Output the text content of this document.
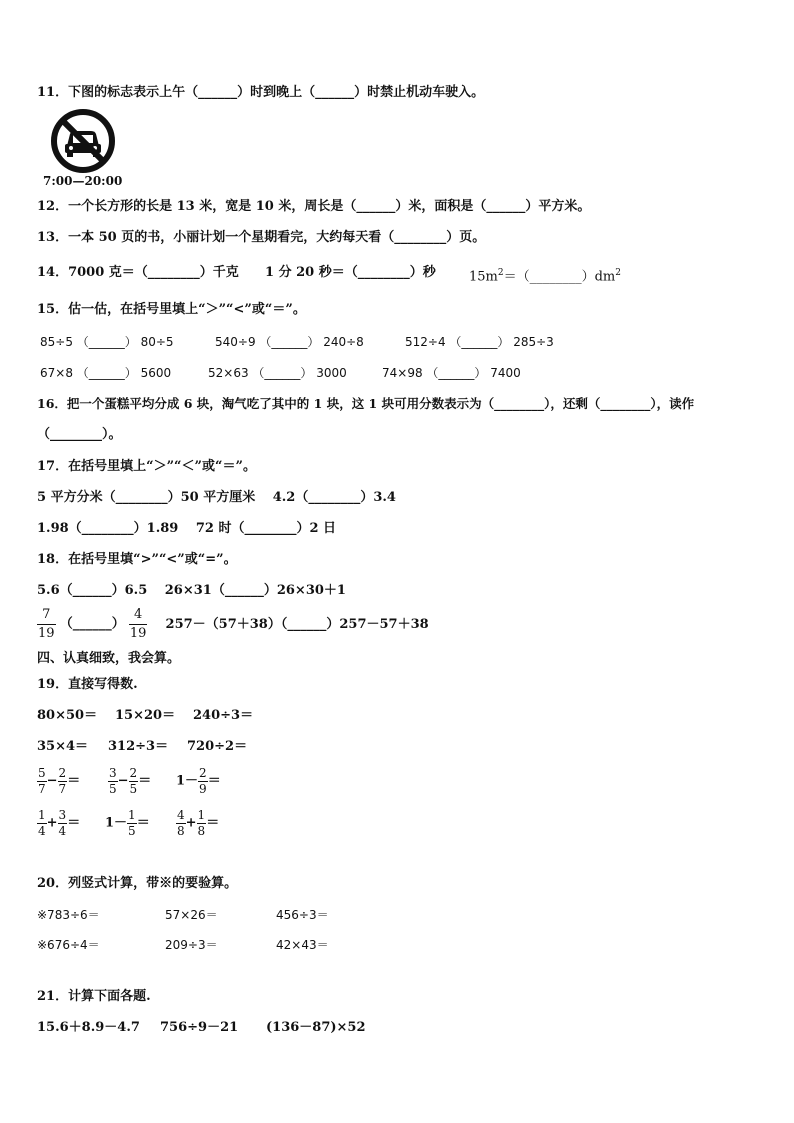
11．下图的标志表示上午（______）时到晚上（______）时禁止机动车驶入。
7:00—20:00
12．一个长方形的长是 13 米，宽是 10 米，周长是（______）米，面积是（______）平方米。
13．一本 50 页的书，小丽计划一个星期看完，大约每天看（________）页。
14．7000 克＝（________）千克 1 分 20 秒＝（________）秒	$15m^2=(\_\_\_\_\_\_\_\_)dm^2$
15．估一估，在括号里填上“＞”“<”或“＝”。
85÷5 （______） 80÷5	540÷9 （______） 240÷8	512÷4 （______） 285÷3
67×8 （______） 5600	52×63 （______） 3000	74×98 （______） 7400
16．把一个蛋糕平均分成 6 块，淘气吃了其中的 1 块，这 1 块可用分数表示为（________），还剩（________），读作
（________）。
17．在括号里填上“＞”“＜”或“＝”。
5 平方分米（________）50 平方厘米　 4.2（________）3.4
1.98（________）1.89　 72 时（________）2 日
18．在括号里填“>”“<”或“=”。
5.6（______）6.5　 26×31（______）26×30＋1
$\frac{7}{19}$ （______） $\frac{4}{19}$ 257－（57＋38）（______）257－57＋38
四、认真细致，我会算。
19．直接写得数.
80×50＝ 15×20＝ 240÷3＝
35×4＝ 312÷3＝ 720÷2＝
$\frac{5}{7} - \frac{2}{7} = \frac{3}{5} - \frac{2}{5} = 1- \frac{2}{9}$ ＝
$\frac{1}{4} + \frac{3}{4} = 1- \frac{1}{5} = \frac{4}{8} + \frac{1}{8}$ ＝
20．列竖式计算，带※的要验算。
※783÷6＝	57×26＝	456÷3＝
※676÷4＝	209÷3＝	42×43＝
21．计算下面各题.
15.6＋8.9－4.7 756÷9－21 (136－87)×52
